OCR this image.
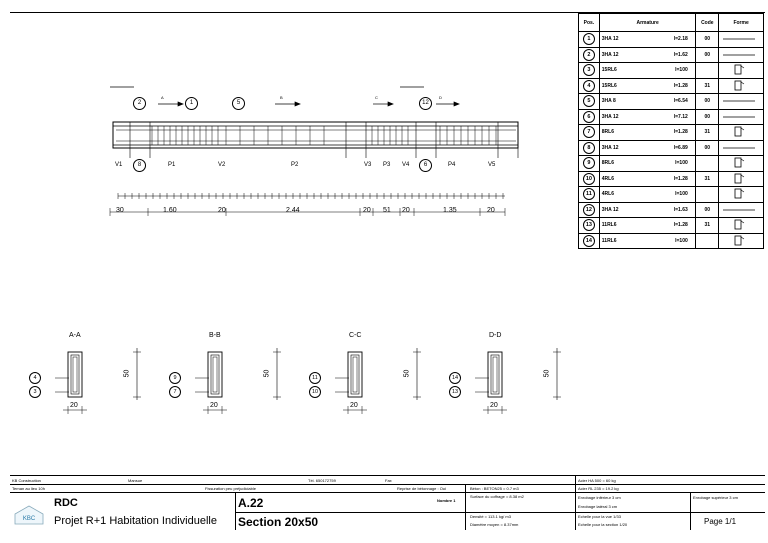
2	1	5	12
8	6
A	B	C	D
V1	P1	V2	P2	V3 P3 V4	P4	V5
30	1.60	20	2.44	20 51 20	1.35	20
Pos.	Armature	Code	Forme
1	3HA 12 l=2.18	00	
2	3HA 12 l=1.62	00	
3	15RL6 l=100		
4	15RL6 l=1.28	31	
5	3HA 8 l=6.54	00	
6	3HA 12 l=7.12	00	
7	8RL6 l=1.28	31	
8	3HA 12 l=6.89	00	
9	8RL6 l=100		
10	4RL6 l=1.28	31	
11	4RL6 l=100		
12	3HA 12 l=1.63	00	
13	11RL6 l=1.28	31	
14	11RL6 l=100		
A-A
4
3
20
50
B-B
9
7
20
50
C-C
11
10
20
50
D-D
14
13
20
50
KB Construction
Ternan au lieu 10h
Mansue	Tél. 650172759	Fax
Fissuration peu préjudiciable	Reprise de bétonnage : Oui
KBC
RDC
Projet R+1 Habitation Individuelle
A.22
Section 20x50
Nombre 1
Béton : BETON25 = 0.7 m3
Surface du coffrage = 8.38 m2
Densité = 113.1 kg/ m3
Diamètre moyen = 8.37mm
Acier HA 500 = 60 kg
Acier RL 235 = 19.2 kg
Enrobage inférieur 3 cm	Enrobage supérieur 3 cm
Enrobage latéral 3 cm
Echelle pour la vue 1/33
Echelle pour la section 1/20	Page 1/1
